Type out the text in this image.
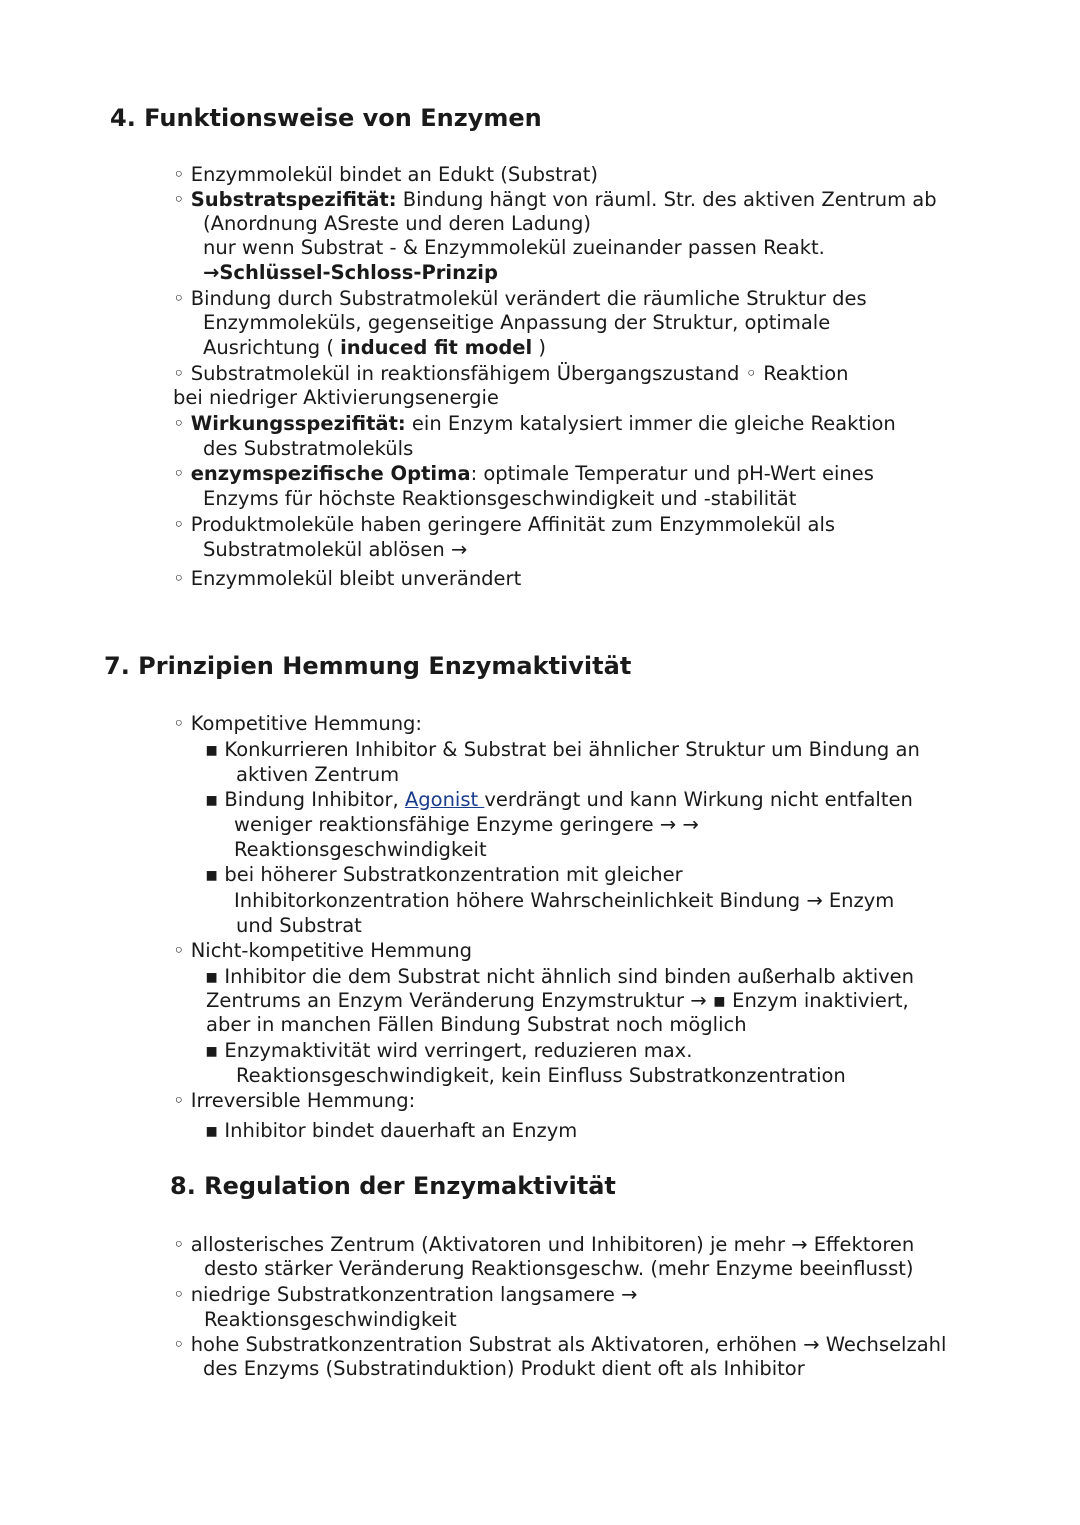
4. Funktionsweise von Enzymen

◦ Enzymmolekül bindet an Edukt (Substrat)

◦ Substratspezifität: Bindung hängt von räuml. Str. des aktiven Zentrum ab

(Anordnung ASreste und deren Ladung)

nur wenn Substrat - & Enzymmolekül zueinander passen Reakt.

→Schlüssel-Schloss-Prinzip

◦ Bindung durch Substratmolekül verändert die räumliche Struktur des

Enzymmoleküls, gegenseitige Anpassung der Struktur, optimale

Ausrichtung ( induced fit model )

◦ Substratmolekül in reaktionsfähigem Übergangszustand ◦ Reaktion

bei niedriger Aktivierungsenergie

◦ Wirkungsspezifität: ein Enzym katalysiert immer die gleiche Reaktion

des Substratmoleküls

◦ enzymspezifische Optima: optimale Temperatur und pH-Wert eines

Enzyms für höchste Reaktionsgeschwindigkeit und -stabilität

◦ Produktmoleküle haben geringere Affinität zum Enzymmolekül als

Substratmolekül ablösen →

◦ Enzymmolekül bleibt unverändert

7. Prinzipien Hemmung Enzymaktivität

◦ Kompetitive Hemmung:

▪ Konkurrieren Inhibitor & Substrat bei ähnlicher Struktur um Bindung an

aktiven Zentrum

▪ Bindung Inhibitor, Agonist verdrängt und kann Wirkung nicht entfalten

weniger reaktionsfähige Enzyme geringere → →

Reaktionsgeschwindigkeit

▪ bei höherer Substratkonzentration mit gleicher

Inhibitorkonzentration höhere Wahrscheinlichkeit Bindung → Enzym

und Substrat

◦ Nicht-kompetitive Hemmung

▪ Inhibitor die dem Substrat nicht ähnlich sind binden außerhalb aktiven

Zentrums an Enzym Veränderung Enzymstruktur → ▪ Enzym inaktiviert,

aber in manchen Fällen Bindung Substrat noch möglich

▪ Enzymaktivität wird verringert, reduzieren max.

Reaktionsgeschwindigkeit, kein Einfluss Substratkonzentration

◦ Irreversible Hemmung:

▪ Inhibitor bindet dauerhaft an Enzym

8. Regulation der Enzymaktivität

◦ allosterisches Zentrum (Aktivatoren und Inhibitoren) je mehr → Effektoren

desto stärker Veränderung Reaktionsgeschw. (mehr Enzyme beeinflusst)

◦ niedrige Substratkonzentration langsamere →

Reaktionsgeschwindigkeit

◦ hohe Substratkonzentration Substrat als Aktivatoren, erhöhen → Wechselzahl

des Enzyms (Substratinduktion) Produkt dient oft als Inhibitor
